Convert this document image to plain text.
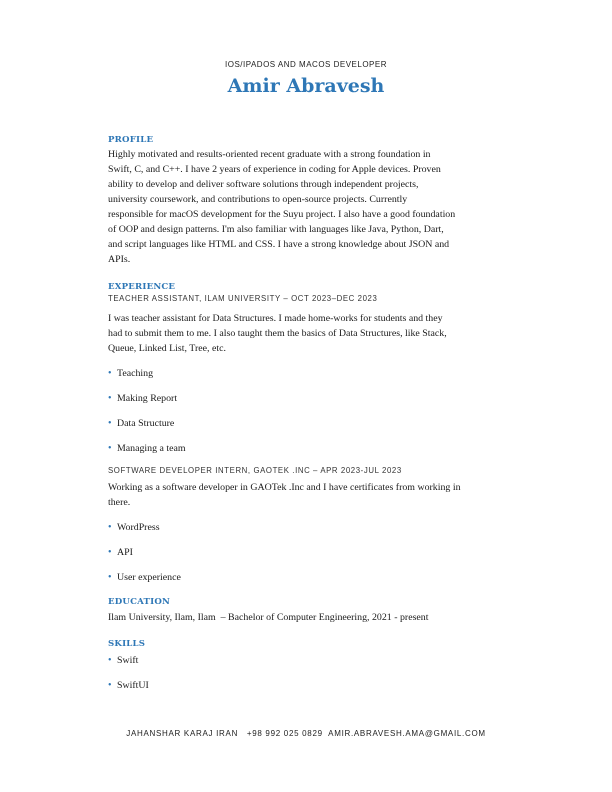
IOS/IPADOS AND MACOS DEVELOPER
Amir Abravesh
PROFILE
Highly motivated and results-oriented recent graduate with a strong foundation in
Swift, C, and C++. I have 2 years of experience in coding for Apple devices. Proven
ability to develop and deliver software solutions through independent projects,
university coursework, and contributions to open-source projects. Currently
responsible for macOS development for the Suyu project. I also have a good foundation
of OOP and design patterns. I'm also familiar with languages like Java, Python, Dart,
and script languages like HTML and CSS. I have a strong knowledge about JSON and
APIs.
EXPERIENCE
TEACHER ASSISTANT, ILAM UNIVERSITY – OCT 2023–DEC 2023
I was teacher assistant for Data Structures. I made home-works for students and they
had to submit them to me. I also taught them the basics of Data Structures, like Stack,
Queue, Linked List, Tree, etc.
• Teaching
• Making Report
• Data Structure
• Managing a team
SOFTWARE DEVELOPER INTERN, GAOTEK .INC – APR 2023-JUL 2023
Working as a software developer in GAOTek .Inc and I have certificates from working in
there.
• WordPress
• API
• User experience
EDUCATION
Ilam University, Ilam, Ilam  – Bachelor of Computer Engineering, 2021 - present
SKILLS
• Swift
• SwiftUI
JAHANSHAR KARAJ IRAN +98 992 025 0829 AMIR.ABRAVESH.AMA@GMAIL.COM
